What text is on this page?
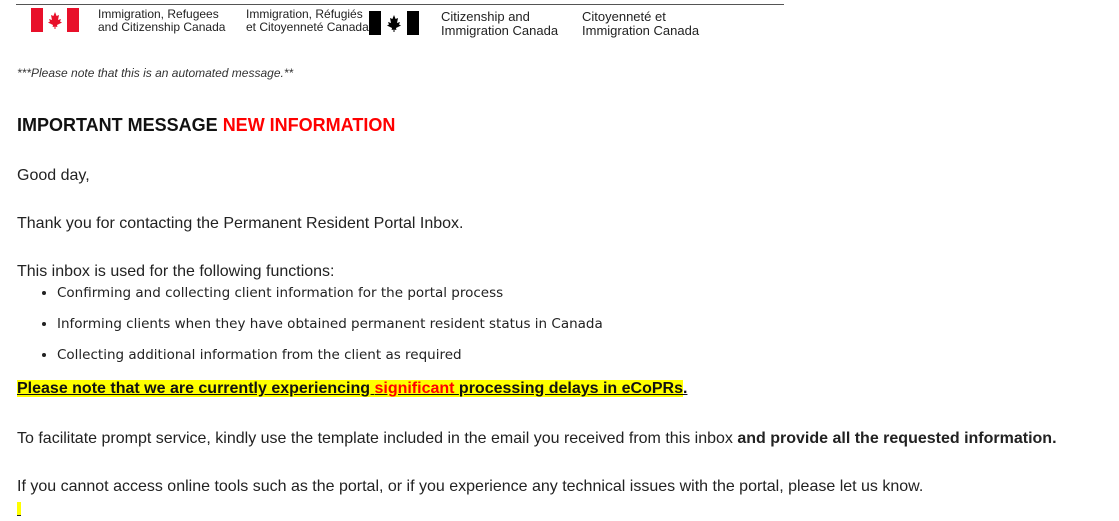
Immigration, Refugees
and Citizenship Canada
Immigration, Réfugiés
et Citoyenneté Canada
Citizenship and
Immigration Canada
Citoyenneté et
Immigration Canada
***Please note that this is an automated message.**
IMPORTANT MESSAGE NEW INFORMATION
Good day,
Thank you for contacting the Permanent Resident Portal Inbox.
This inbox is used for the following functions:
• Confirming and collecting client information for the portal process
• Informing clients when they have obtained permanent resident status in Canada
• Collecting additional information from the client as required
Please note that we are currently experiencing significant processing delays in eCoPRs.
To facilitate prompt service, kindly use the template included in the email you received from this inbox and provide all the requested information.
If you cannot access online tools such as the portal, or if you experience any technical issues with the portal, please let us know.
